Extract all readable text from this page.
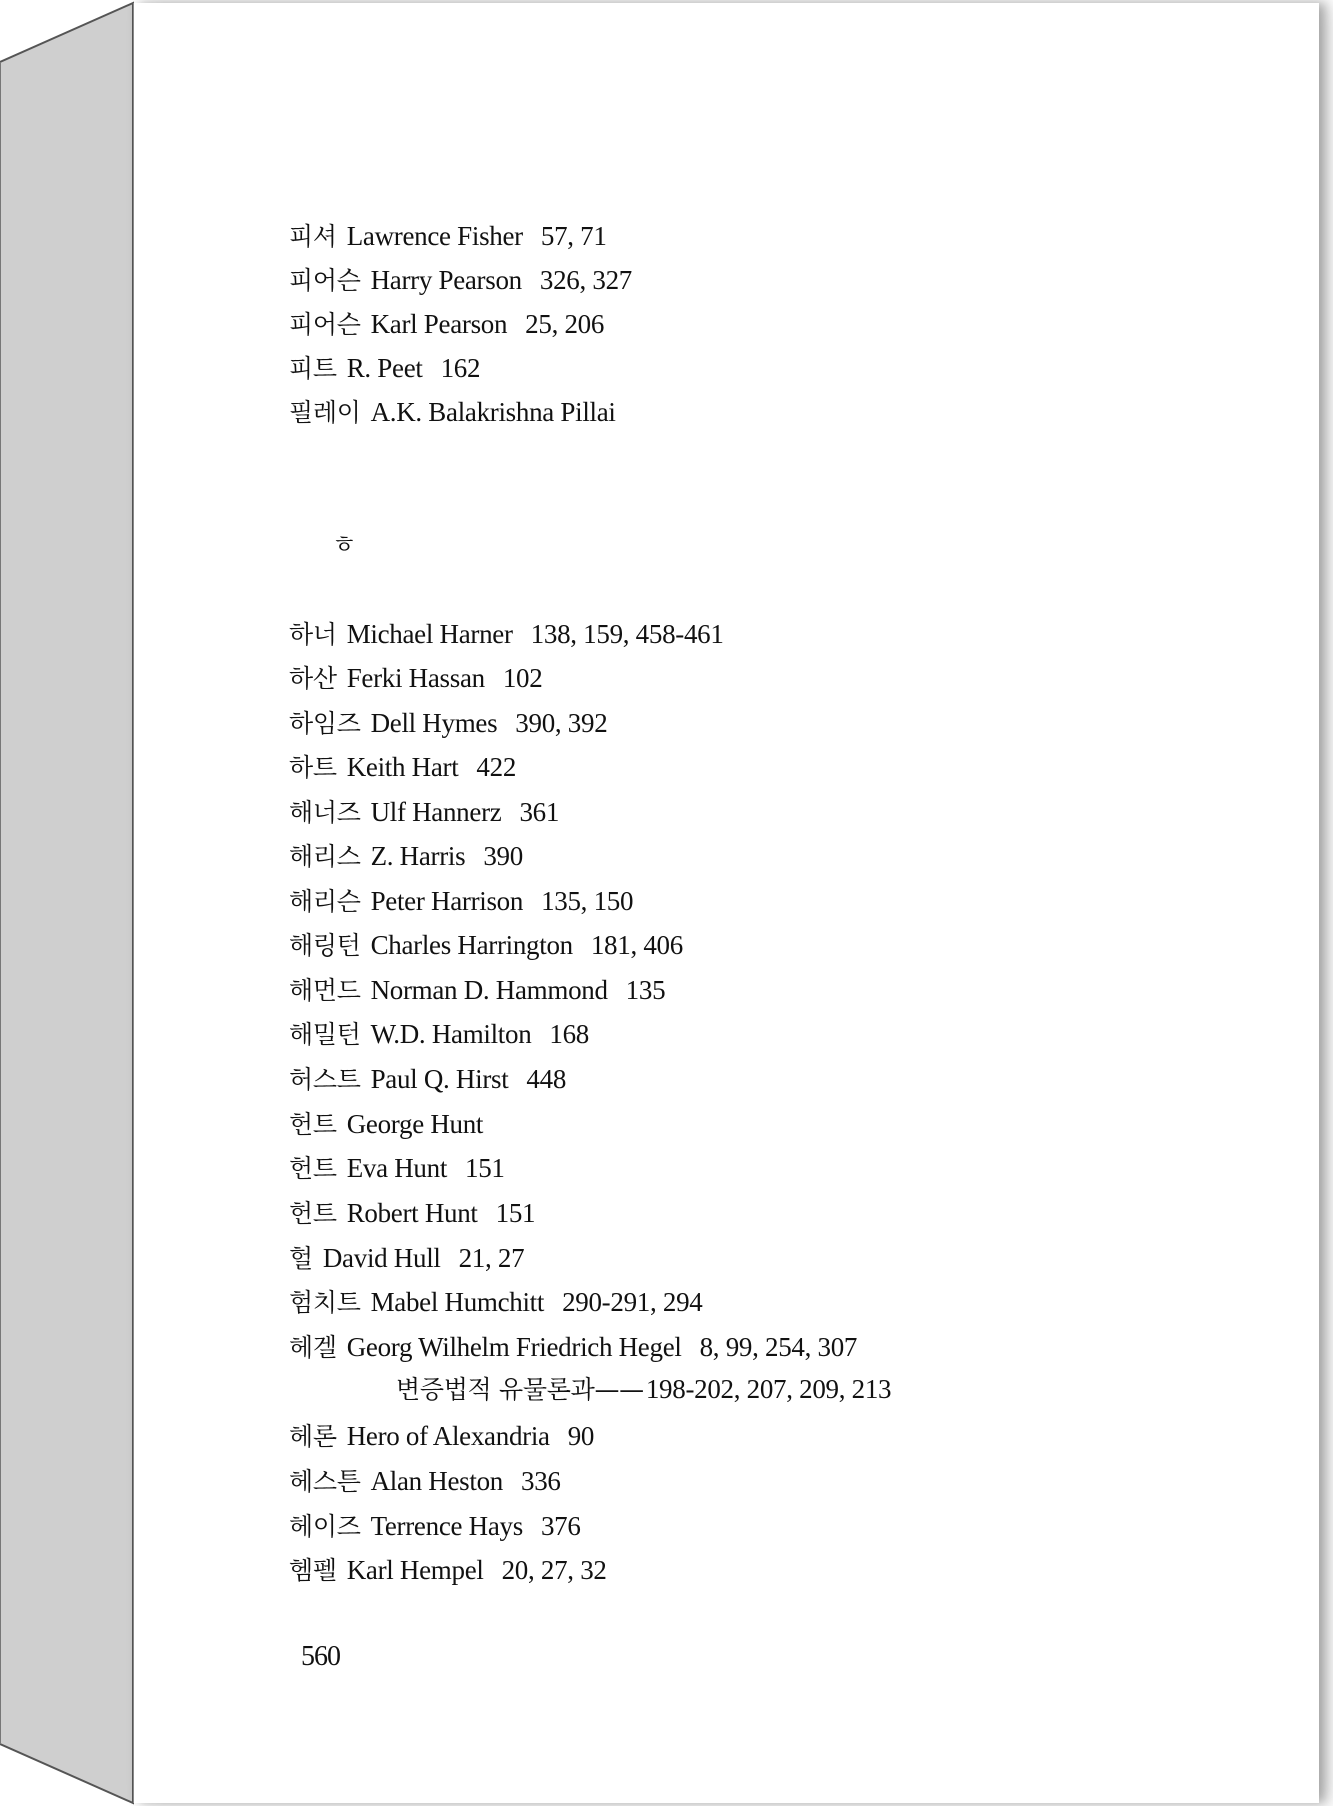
피셔 Lawrence Fisher 57, 71
피어슨 Harry Pearson 326, 327
피어슨 Karl Pearson 25, 206
피트 R. Peet 162
필레이 A.K. Balakrishna Pillai
ㅎ
하너 Michael Harner 138, 159, 458-461
하산 Ferki Hassan 102
하임즈 Dell Hymes 390, 392
하트 Keith Hart 422
해너즈 Ulf Hannerz 361
해리스 Z. Harris 390
해리슨 Peter Harrison 135, 150
해링턴 Charles Harrington 181, 406
해먼드 Norman D. Hammond 135
해밀턴 W.D. Hamilton 168
허스트 Paul Q. Hirst 448
헌트 George Hunt
헌트 Eva Hunt 151
헌트 Robert Hunt 151
헐 David Hull 21, 27
험치트 Mabel Humchitt 290-291, 294
헤겔 Georg Wilhelm Friedrich Hegel 8, 99, 254, 307
변증법적 유물론과——198-202, 207, 209, 213
헤론 Hero of Alexandria 90
헤스튼 Alan Heston 336
헤이즈 Terrence Hays 376
헴펠 Karl Hempel 20, 27, 32
560
